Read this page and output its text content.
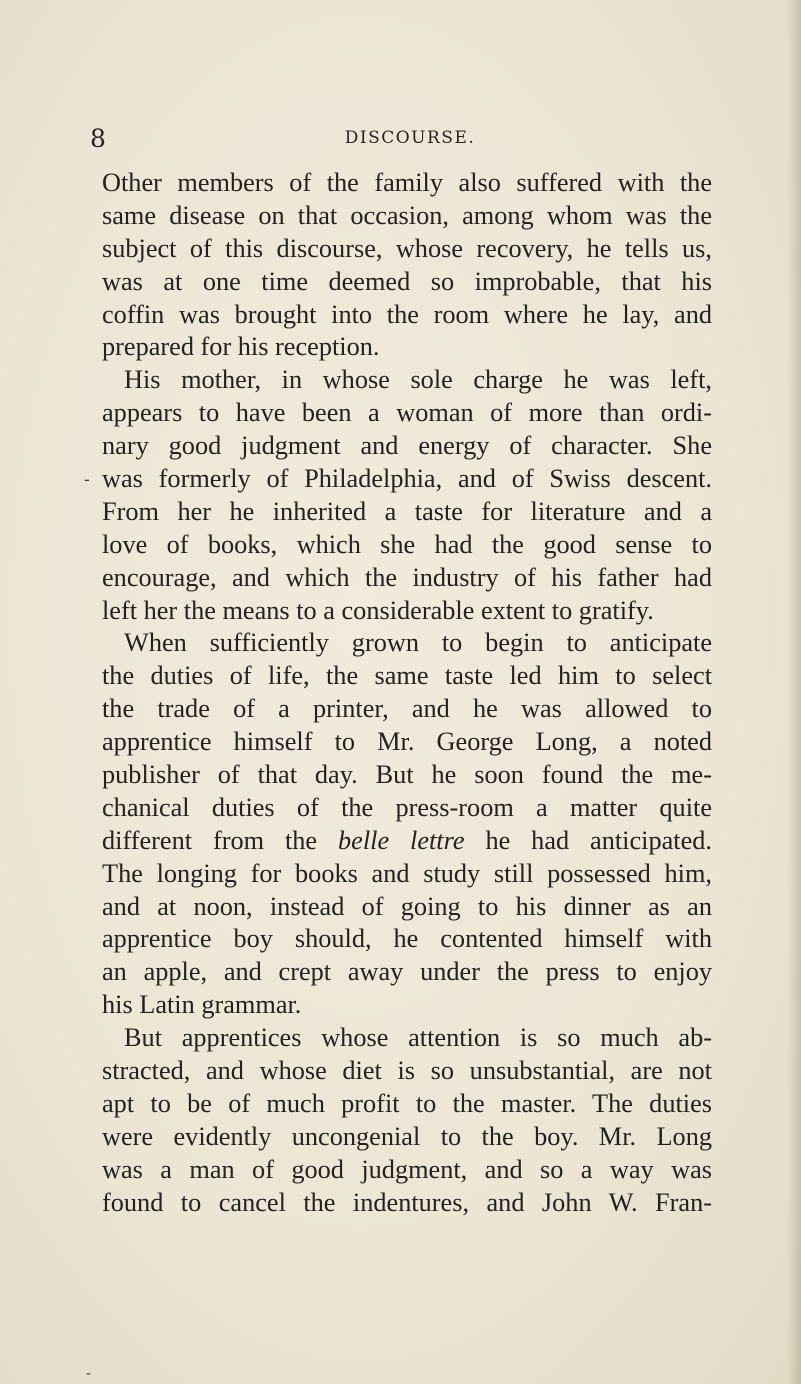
8	DISCOURSE.
Other members of the family also suffered with the
same disease on that occasion, among whom was the
subject of this discourse, whose recovery, he tells us,
was at one time deemed so improbable, that his
coffin was brought into the room where he lay, and
prepared for his reception.
His mother, in whose sole charge he was left,
appears to have been a woman of more than ordi-
nary good judgment and energy of character. She
was formerly of Philadelphia, and of Swiss descent.
From her he inherited a taste for literature and a
love of books, which she had the good sense to
encourage, and which the industry of his father had
left her the means to a considerable extent to gratify.
When sufficiently grown to begin to anticipate
the duties of life, the same taste led him to select
the trade of a printer, and he was allowed to
apprentice himself to Mr. George Long, a noted
publisher of that day. But he soon found the me-
chanical duties of the press-room a matter quite
different from the belle lettre he had anticipated.
The longing for books and study still possessed him,
and at noon, instead of going to his dinner as an
apprentice boy should, he contented himself with
an apple, and crept away under the press to enjoy
his Latin grammar.
But apprentices whose attention is so much ab-
stracted, and whose diet is so unsubstantial, are not
apt to be of much profit to the master. The duties
were evidently uncongenial to the boy. Mr. Long
was a man of good judgment, and so a way was
found to cancel the indentures, and John W. Fran-
-
-
